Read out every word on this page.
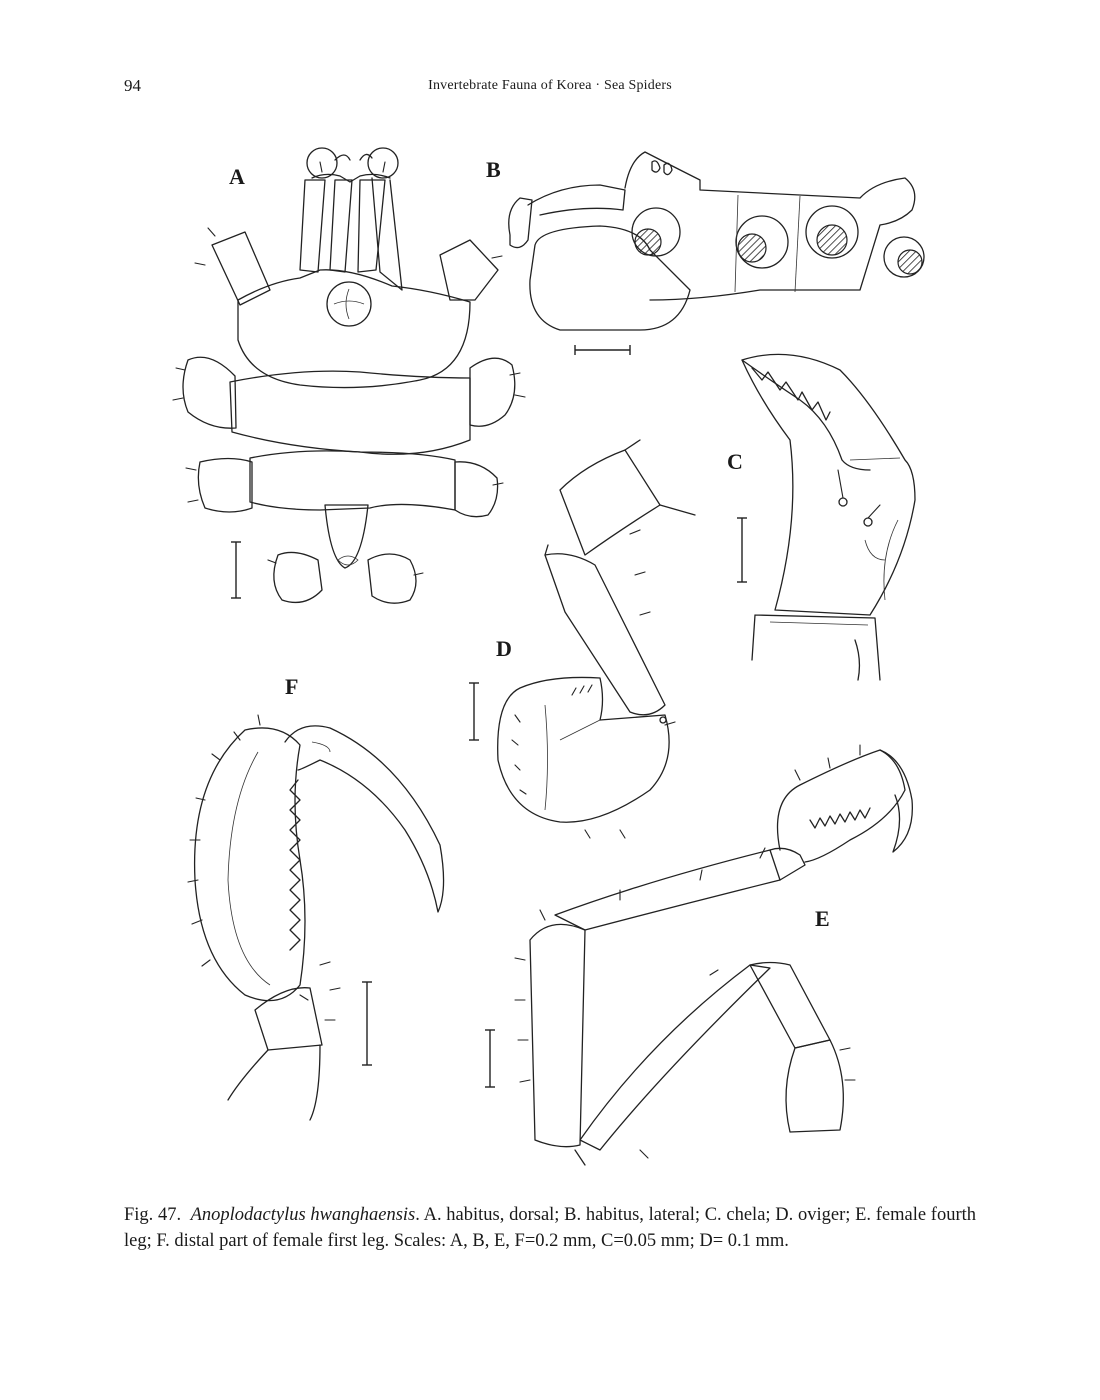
94	Invertebrate Fauna of Korea · Sea Spiders
A	B
C
D
E
F
Fig. 47. Anoplodactylus hwanghaensis. A. habitus, dorsal; B. habitus, lateral; C. chela; D. oviger; E. female fourth leg; F. distal part of female first leg. Scales: A, B, E, F=0.2 mm, C=0.05 mm; D= 0.1 mm.
